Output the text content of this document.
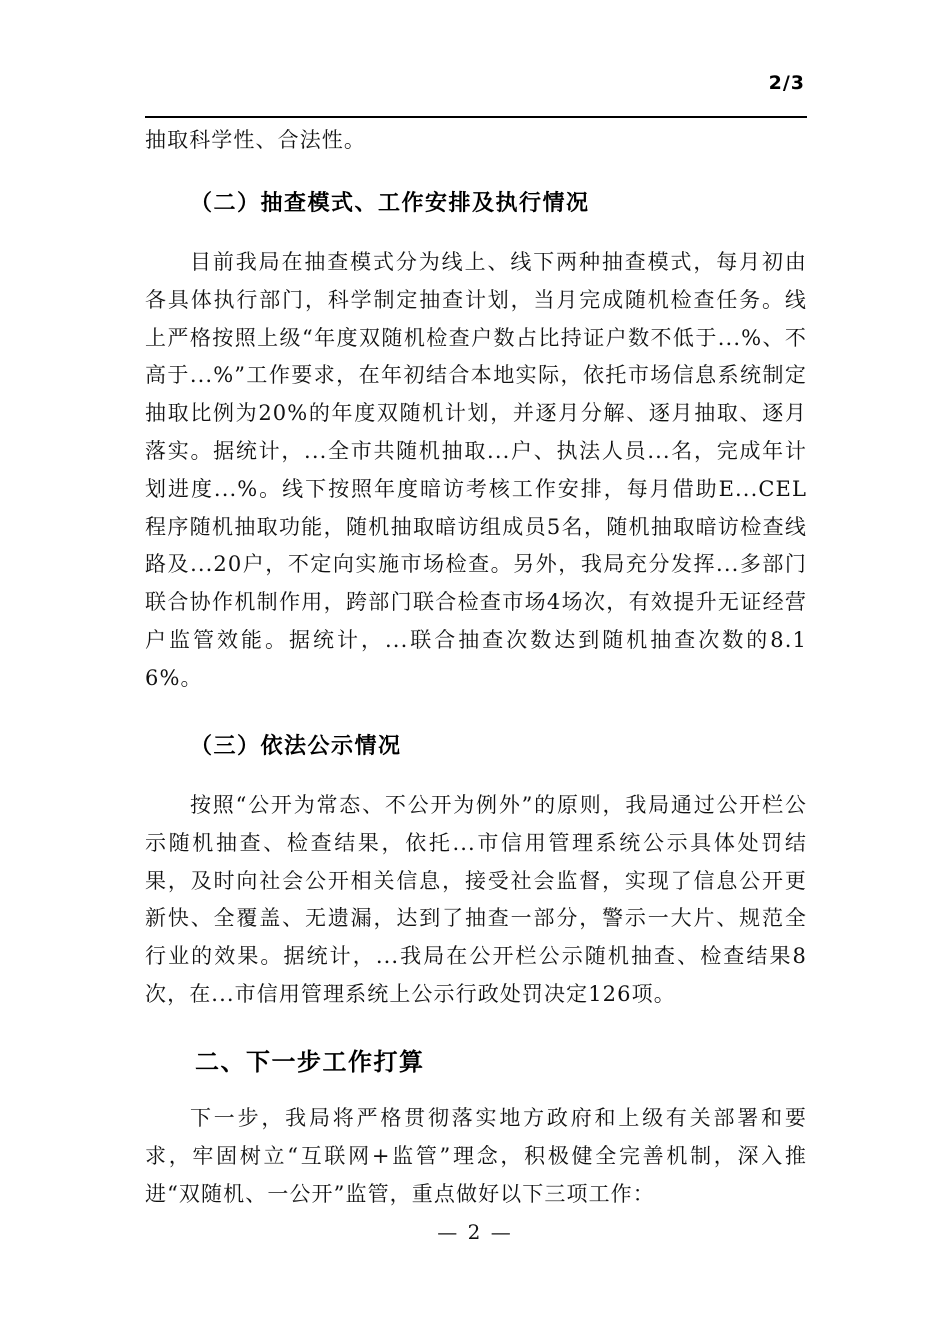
2/3
抽取科学性、合法性。
（二）抽查模式、工作安排及执行情况
目前我局在抽查模式分为线上、线下两种抽查模式，每月初由各具体执行部门，科学制定抽查计划，当月完成随机检查任务。线上严格按照上级“年度双随机检查户数占比持证户数不低于...%、不高于...%”工作要求，在年初结合本地实际，依托市场信息系统制定抽取比例为20%的年度双随机计划，并逐月分解、逐月抽取、逐月落实。据统计，...全市共随机抽取...户、执法人员...名，完成年计划进度...%。线下按照年度暗访考核工作安排，每月借助E...CEL程序随机抽取功能，随机抽取暗访组成员5名，随机抽取暗访检查线路及...20户，不定向实施市场检查。另外，我局充分发挥...多部门联合协作机制作用，跨部门联合检查市场4场次，有效提升无证经营户监管效能。据统计，...联合抽查次数达到随机抽查次数的8.16%。
（三）依法公示情况
按照“公开为常态、不公开为例外”的原则，我局通过公开栏公示随机抽查、检查结果，依托...市信用管理系统公示具体处罚结果，及时向社会公开相关信息，接受社会监督，实现了信息公开更新快、全覆盖、无遗漏，达到了抽查一部分，警示一大片、规范全行业的效果。据统计，...我局在公开栏公示随机抽查、检查结果8次，在...市信用管理系统上公示行政处罚决定126项。
二、下一步工作打算
下一步，我局将严格贯彻落实地方政府和上级有关部署和要求，牢固树立“互联网+监管”理念，积极健全完善机制，深入推进“双随机、一公开”监管，重点做好以下三项工作：
— 2 —
